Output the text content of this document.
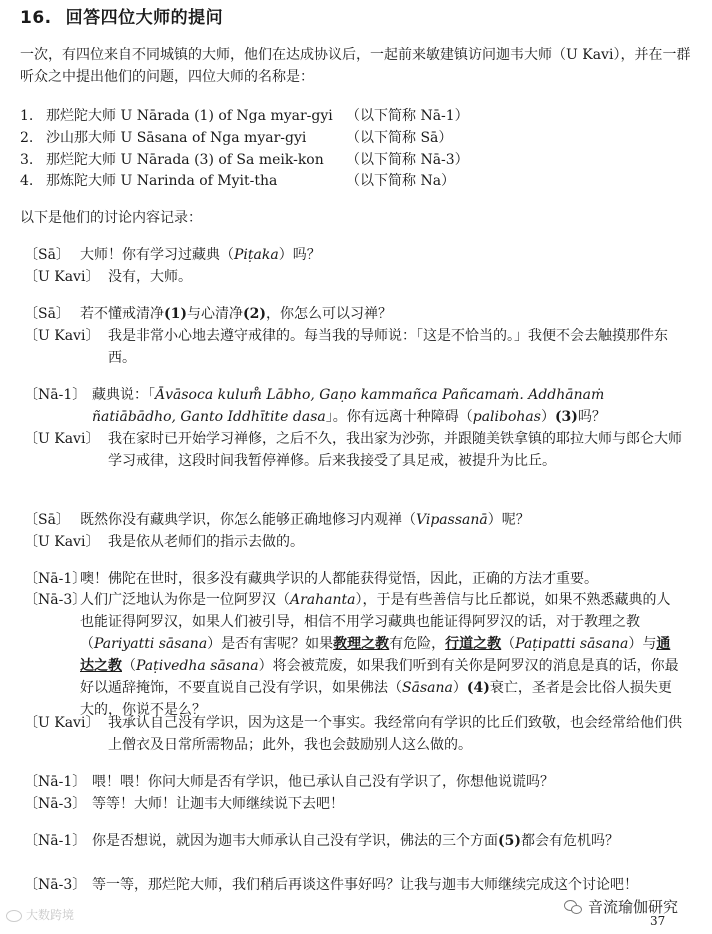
16. 回答四位大师的提问
一次，有四位来自不同城镇的大师，他们在达成协议后，一起前来敏建镇访问迦韦大师（U Kavi），并在一群听众之中提出他们的问题，四位大师的名称是：
1. 那烂陀大师 U Nārada (1) of Nga myar-gyi （以下简称 Nā-1）
2. 沙山那大师 U Sāsana of Nga myar-gyi	（以下简称 Sā）
3. 那烂陀大师 U Nārada (3) of Sa meik-kon （以下简称 Nā-3）
4. 那炼陀大师 U Narinda of Myit-tha	（以下简称 Na）
以下是他们的讨论内容记录：
〔Sā〕 大师！你有学习过藏典（Piṭaka）吗？
〔U Kavi〕 没有，大师。
〔Sā〕 若不懂戒清净(1)与心清净(2)，你怎么可以习禅？
〔U Kavi〕 我是非常小心地去遵守戒律的。每当我的导师说：「这是不恰当的。」我便不会去触摸那件东西。
〔Nā-1〕 藏典说：「Āvāsoca kulum̊ Lābho, Gaṇo kammañca Pañcamaṁ. Addhānaṁ ñatiābādho, Ganto Iddhītite dasa」。你有远离十种障碍（palibohas）(3)吗？
〔U Kavi〕 我在家时已开始学习禅修，之后不久，我出家为沙弥，并跟随美铁拿镇的耶拉大师与郎仑大师学习戒律，这段时间我暂停禅修。后来我接受了具足戒，被提升为比丘。
〔Sā〕 既然你没有藏典学识，你怎么能够正确地修习内观禅（Vipassanā）呢？
〔U Kavi〕 我是依从老师们的指示去做的。
〔Nā-1〕
噢！佛陀在世时，很多没有藏典学识的人都能获得觉悟，因此，正确的方法才重要。
〔Nā-3〕
人们广泛地认为你是一位阿罗汉（Arahanta），于是有些善信与比丘都说，如果不熟悉藏典的人也能证得阿罗汉，如果人们被引导，相信不用学习藏典也能证得阿罗汉的话，对于教理之教（Pariyatti sāsana）是否有害呢？如果教理之教有危险，行道之教（Paṭipatti sāsana）与通达之教（Paṭivedha sāsana）将会被荒废，如果我们听到有关你是阿罗汉的消息是真的话，你最好以遁辞掩饰，不要直说自己没有学识，如果佛法（Sāsana）(4)衰亡，圣者是会比俗人损失更大的，你说不是么？
〔U Kavi〕 我承认自己没有学识，因为这是一个事实。我经常向有学识的比丘们致敬，也会经常给他们供上僧衣及日常所需物品；此外，我也会鼓励别人这么做的。
〔Nā-1〕 喂！喂！你问大师是否有学识，他已承认自己没有学识了，你想他说谎吗？
〔Nā-3〕 等等！大师！让迦韦大师继续说下去吧！
〔Nā-1〕 你是否想说，就因为迦韦大师承认自己没有学识，佛法的三个方面(5)都会有危机吗？
〔Nā-3〕 等一等，那烂陀大师，我们稍后再谈这件事好吗？让我与迦韦大师继续完成这个讨论吧！
大数跨境	音流瑜伽研究
37
